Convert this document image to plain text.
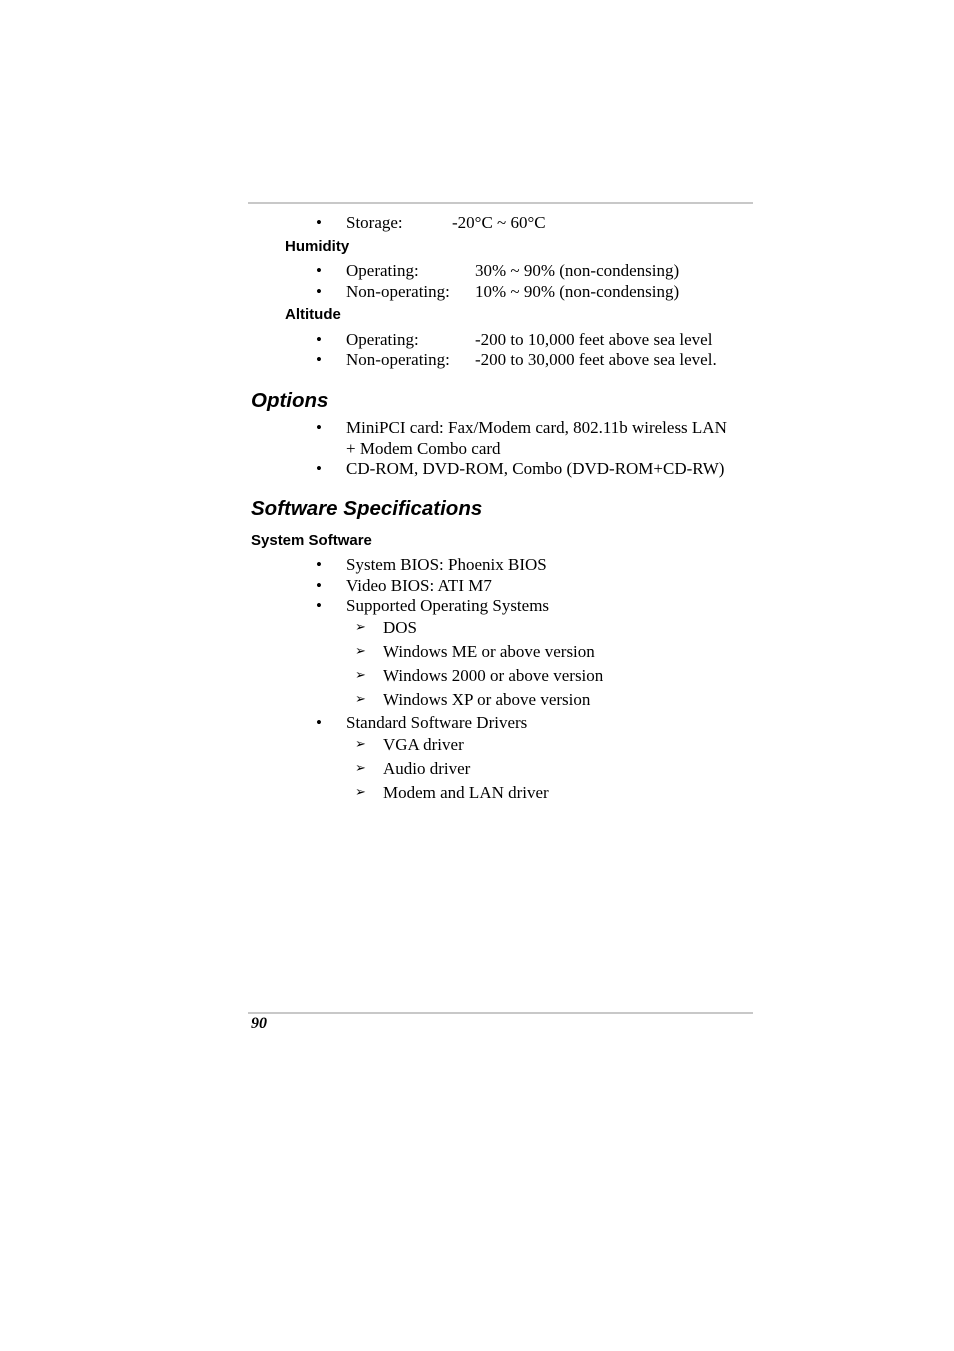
• Storage:	-20°C ~ 60°C
Humidity
• Operating:	30% ~ 90% (non-condensing)
• Non-operating: 10% ~ 90% (non-condensing)
Altitude
• Operating:	-200 to 10,000 feet above sea level
• Non-operating: -200 to 30,000 feet above sea level.
Options
• MiniPCI card: Fax/Modem card, 802.11b wireless LAN
+ Modem Combo card
• CD-ROM, DVD-ROM, Combo (DVD-ROM+CD-RW)
Software Specifications
System Software
• System BIOS: Phoenix BIOS
• Video BIOS: ATI M7
• Supported Operating Systems
➢ DOS
➢ Windows ME or above version
➢ Windows 2000 or above version
➢ Windows XP or above version
• Standard Software Drivers
➢ VGA driver
➢ Audio driver
➢ Modem and LAN driver
90
